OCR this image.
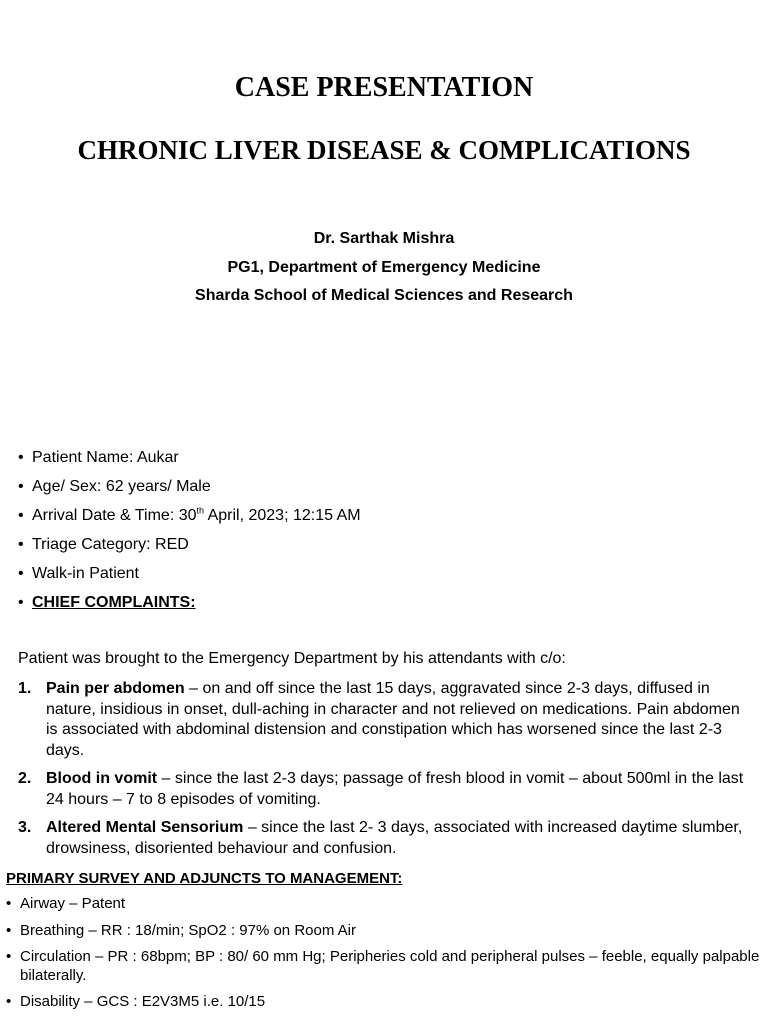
CASE PRESENTATION
CHRONIC LIVER DISEASE & COMPLICATIONS
Dr. Sarthak Mishra
PG1, Department of Emergency Medicine
Sharda School of Medical Sciences and Research
• Patient Name: Aukar
• Age/ Sex: 62 years/ Male
• Arrival Date & Time: 30th April, 2023; 12:15 AM
• Triage Category: RED
• Walk-in Patient
• CHIEF COMPLAINTS:
Patient was brought to the Emergency Department by his attendants with c/o:
1. Pain per abdomen – on and off since the last 15 days, aggravated since 2-3 days, diffused in nature, insidious in onset, dull-aching in character and not relieved on medications. Pain abdomen is associated with abdominal distension and constipation which has worsened since the last 2-3 days.
2. Blood in vomit – since the last 2-3 days; passage of fresh blood in vomit – about 500ml in the last 24 hours – 7 to 8 episodes of vomiting.
3. Altered Mental Sensorium – since the last 2- 3 days, associated with increased daytime slumber, drowsiness, disoriented behaviour and confusion.
PRIMARY SURVEY AND ADJUNCTS TO MANAGEMENT:
• Airway – Patent
• Breathing – RR : 18/min; SpO2 : 97% on Room Air
• Circulation – PR : 68bpm; BP : 80/ 60 mm Hg; Peripheries cold and peripheral pulses – feeble, equally palpable bilaterally.
• Disability – GCS : E2V3M5 i.e. 10/15
